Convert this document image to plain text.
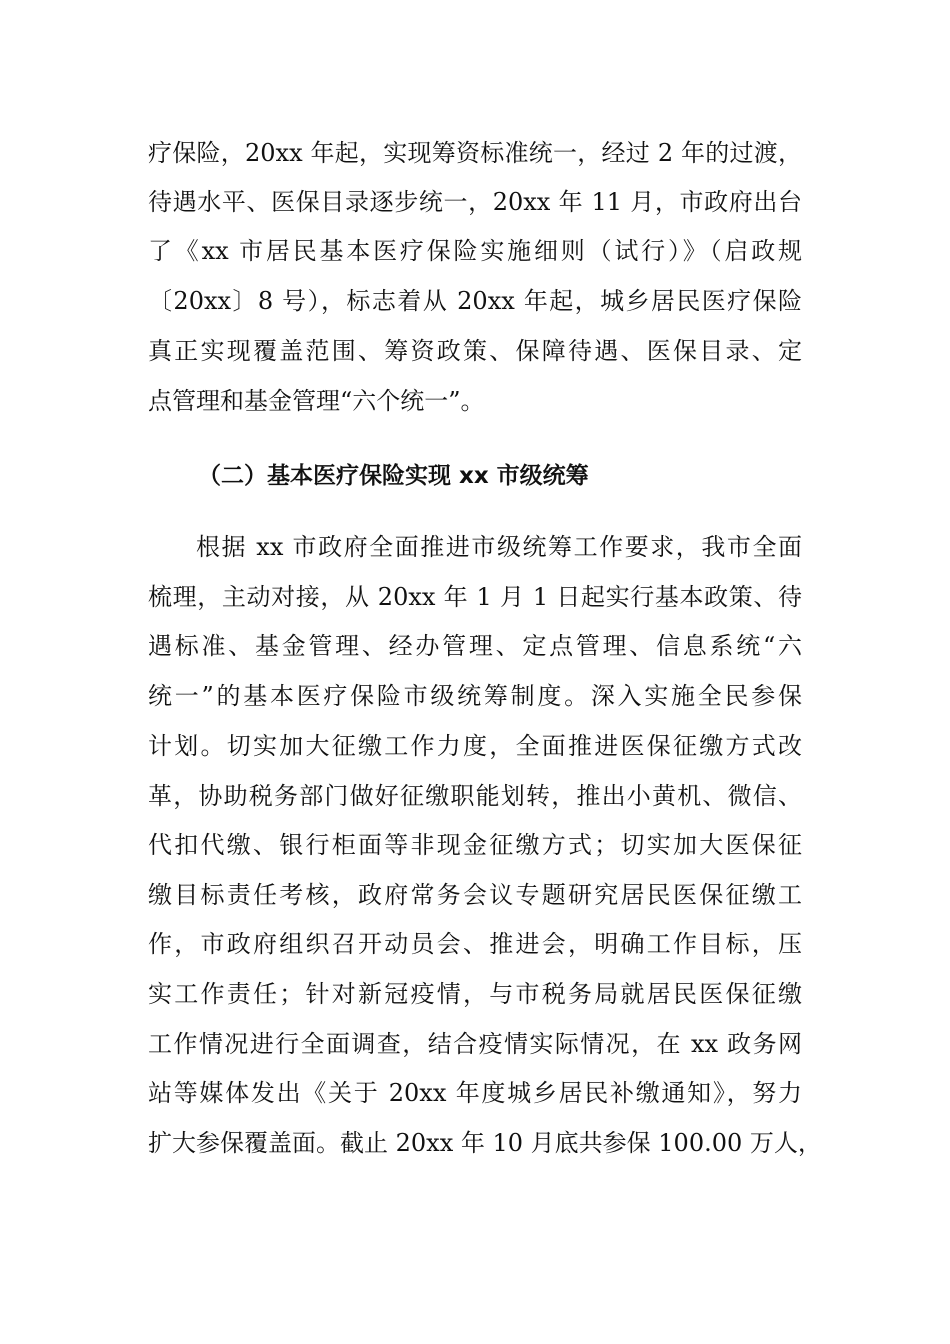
疗保险，20xx 年起，实现筹资标准统一，经过 2 年的过渡，
待遇水平、医保目录逐步统一，20xx 年 11 月，市政府出台
了《xx 市居民基本医疗保险实施细则（试行）》（启政规
〔20xx〕8 号），标志着从 20xx 年起，城乡居民医疗保险
真正实现覆盖范围、筹资政策、保障待遇、医保目录、定
点管理和基金管理“六个统一”。
（二）基本医疗保险实现 xx 市级统筹
根据 xx 市政府全面推进市级统筹工作要求，我市全面
梳理，主动对接，从 20xx 年 1 月 1 日起实行基本政策、待
遇标准、基金管理、经办管理、定点管理、信息系统“六
统一”的基本医疗保险市级统筹制度。深入实施全民参保
计划。切实加大征缴工作力度，全面推进医保征缴方式改
革，协助税务部门做好征缴职能划转，推出小黄机、微信、
代扣代缴、银行柜面等非现金征缴方式；切实加大医保征
缴目标责任考核，政府常务会议专题研究居民医保征缴工
作，市政府组织召开动员会、推进会，明确工作目标，压
实工作责任；针对新冠疫情，与市税务局就居民医保征缴
工作情况进行全面调查，结合疫情实际情况，在 xx 政务网
站等媒体发出《关于 20xx 年度城乡居民补缴通知》，努力
扩大参保覆盖面。截止 20xx 年 10 月底共参保 100.00 万人，
